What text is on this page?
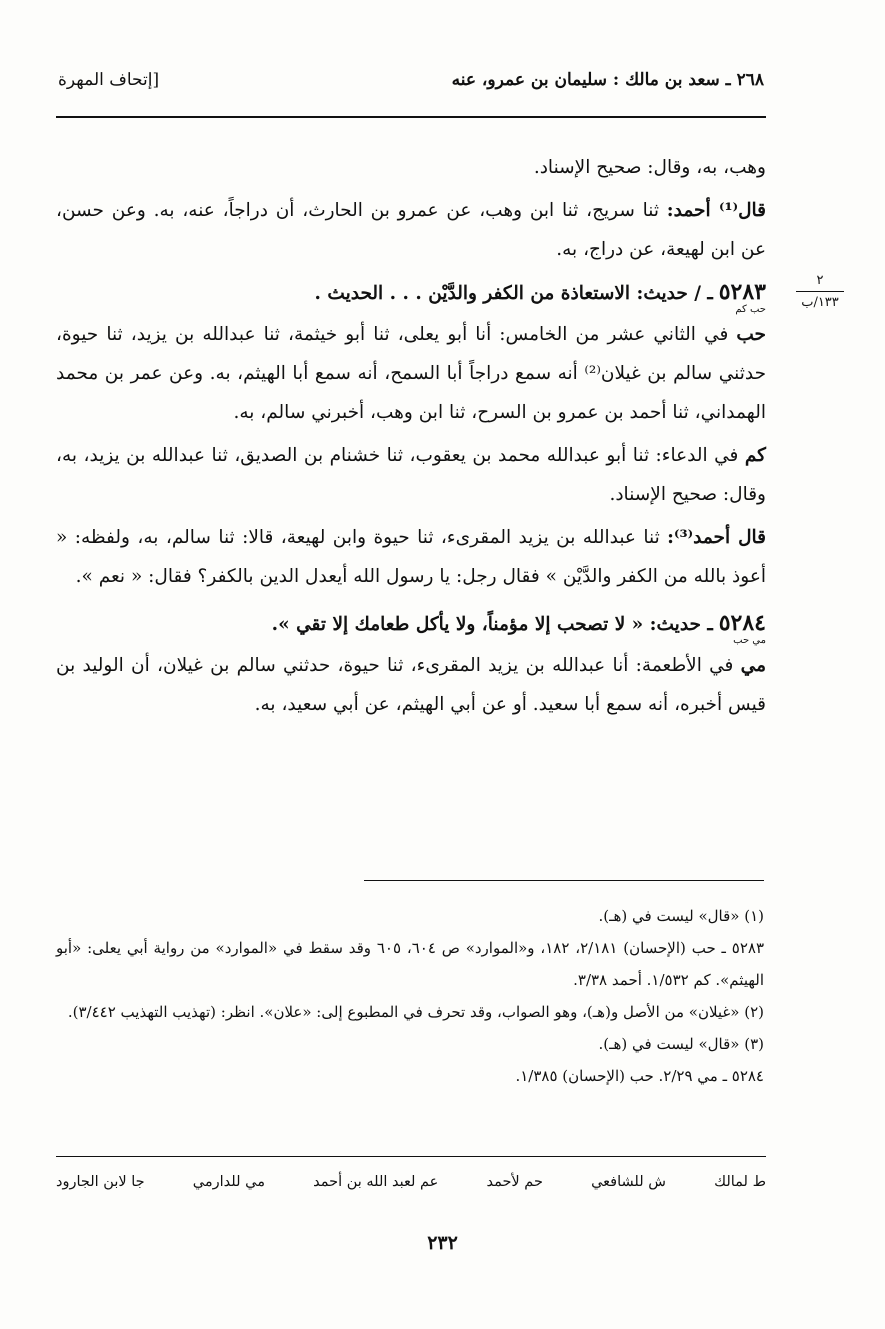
٢٦٨ ـ سعد بن مالك : سليمان بن عمرو، عنه
[إتحاف المهرة
٢
١٣٣/ب

وهب، به، وقال: صحيح الإسناد.

قال⁽¹⁾ أحمد: ثنا سريج، ثنا ابن وهب، عن عمرو بن الحارث، أن دراجاً، عنه، به. وعن حسن، عن ابن لهيعة، عن دراج، به.

٥٢٨٣ ـ / حديث: الاستعاذة من الكفر والدَّيْن . . . الحديث .
حب كم

حب في الثاني عشر من الخامس: أنا أبو يعلى، ثنا أبو خيثمة، ثنا عبدالله بن يزيد، ثنا حيوة، حدثني سالم بن غيلان⁽²⁾ أنه سمع دراجاً أبا السمح، أنه سمع أبا الهيثم، به. وعن عمر بن محمد الهمداني، ثنا أحمد بن عمرو بن السرح، ثنا ابن وهب، أخبرني سالم، به.

كم في الدعاء: ثنا أبو عبدالله محمد بن يعقوب، ثنا خشنام بن الصديق، ثنا عبدالله بن يزيد، به، وقال: صحيح الإسناد.

قال أحمد⁽³⁾: ثنا عبدالله بن يزيد المقرىء، ثنا حيوة وابن لهيعة، قالا: ثنا سالم، به، ولفظه: « أعوذ بالله من الكفر والدَّيْن » فقال رجل: يا رسول الله أيعدل الدين بالكفر؟ فقال: « نعم ».

٥٢٨٤ ـ حديث: « لا تصحب إلا مؤمناً، ولا يأكل طعامك إلا تقي ».
مي حب

مي في الأطعمة: أنا عبدالله بن يزيد المقرىء، ثنا حيوة، حدثني سالم بن غيلان، أن الوليد بن قيس أخبره، أنه سمع أبا سعيد. أو عن أبي الهيثم، عن أبي سعيد، به.

(١) «قال» ليست في (هـ).

٥٢٨٣ ـ حب (الإحسان) ٢/١٨١، ١٨٢، و«الموارد» ص ٦٠٤، ٦٠٥ وقد سقط في «الموارد» من رواية أبي يعلى: «أبو الهيثم». كم ١/٥٣٢. أحمد ٣/٣٨.

(٢) «غيلان» من الأصل و(هـ)، وهو الصواب، وقد تحرف في المطبوع إلى: «علان». انظر: (تهذيب التهذيب ٣/٤٤٢).

(٣) «قال» ليست في (هـ).

٥٢٨٤ ـ مي ٢/٢٩. حب (الإحسان) ١/٣٨٥.

ط لمالك
ش للشافعي
حم لأحمد
عم لعبد الله بن أحمد
مي للدارمي
جا لابن الجارود
٢٣٢
